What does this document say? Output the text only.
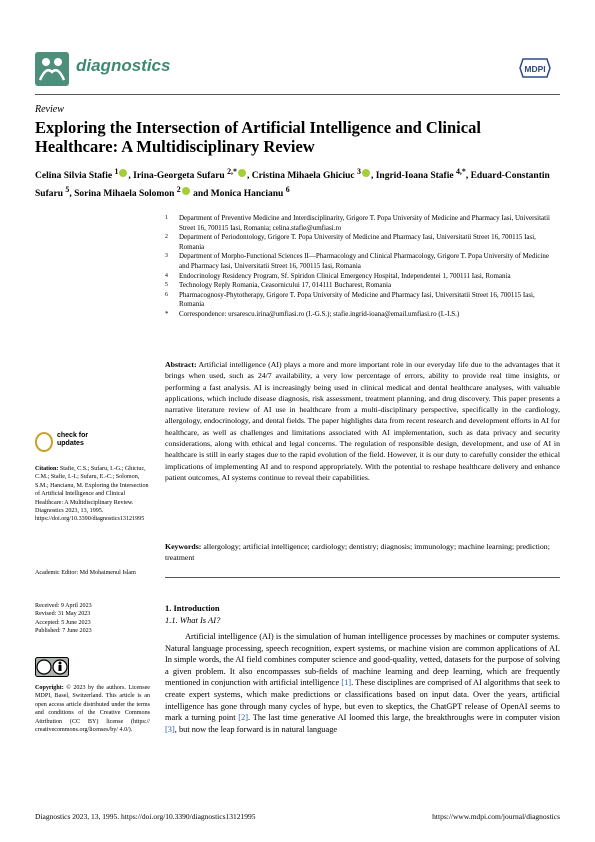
diagnostics	MDPI
Review
Exploring the Intersection of Artificial Intelligence and Clinical Healthcare: A Multidisciplinary Review
Celina Silvia Stafie $^1$ , Irina-Georgeta Sufaru $^{2,*}$ , Cristina Mihaela Ghiciuc $^3$ , Ingrid-Ioana Stafie $^{4,*}$, Eduard-Constantin Sufaru $^5$, Sorina Mihaela Solomon $^2$ and Monica Hancianu $^6$
1	Department of Preventive Medicine and Interdisciplinarity, Grigore T. Popa University of Medicine and Pharmacy Iasi, Universitatii Street 16, 700115 Iasi, Romania; celina.stafie@umfiasi.ro
2	Department of Periodontology, Grigore T. Popa University of Medicine and Pharmacy Iasi, Universitatii Street 16, 700115 Iasi, Romania
3	Department of Morpho-Functional Sciences II—Pharmacology and Clinical Pharmacology, Grigore T. Popa University of Medicine and Pharmacy Iasi, Universitatii Street 16, 700115 Iasi, Romania
4	Endocrinology Residency Program, Sf. Spiridon Clinical Emergency Hospital, Independentei 1, 700111 Iasi, Romania
5	Technology Reply Romania, Ceasornicului 17, 014111 Bucharest, Romania
6	Pharmacognosy-Phytotherapy, Grigore T. Popa University of Medicine and Pharmacy Iasi, Universitatii Street 16, 700115 Iasi, Romania
*	Correspondence: ursarescu.irina@umfiasi.ro (I.-G.S.); stafie.ingrid-ioana@email.umfiasi.ro (I.-I.S.)
Abstract: Artificial intelligence (AI) plays a more and more important role in our everyday life due to the advantages that it brings when used, such as 24/7 availability, a very low percentage of errors, ability to provide real time insights, or performing a fast analysis. AI is increasingly being used in clinical medical and dental healthcare analyses, with valuable applications, which include disease diagnosis, risk assessment, treatment planning, and drug discovery. This paper presents a narrative literature review of AI use in healthcare from a multi-disciplinary perspective, specifically in the cardiology, allergology, endocrinology, and dental fields. The paper highlights data from recent research and development efforts in AI for healthcare, as well as challenges and limitations associated with AI implementation, such as data privacy and security considerations, along with ethical and legal concerns. The regulation of responsible design, development, and use of AI in healthcare is still in early stages due to the rapid evolution of the field. However, it is our duty to carefully consider the ethical implications of implementing AI and to respond appropriately. With the potential to reshape healthcare delivery and enhance patient outcomes, AI systems continue to reveal their capabilities.
Keywords: allergology; artificial intelligence; cardiology; dentistry; diagnosis; immunology; machine learning; prediction; treatment
check for
updates
Citation: Stafie, C.S.; Sufaru, I.-G.; Ghiciuc, C.M.; Stafie, I.-I.; Sufaru, E.-C.; Solomon, S.M.; Hancianu, M. Exploring the Intersection of Artificial Intelligence and Clinical Healthcare: A Multidisciplinary Review. Diagnostics 2023, 13, 1995. https://doi.org/10.3390/diagnostics13121995
Academic Editor: Md Mohaimenul Islam
Received: 9 April 2023
Revised: 31 May 2023
Accepted: 5 June 2023
Published: 7 June 2023
Copyright: © 2023 by the authors. Licensee MDPI, Basel, Switzerland. This article is an open access article distributed under the terms and conditions of the Creative Commons Attribution (CC BY) license (https:// creativecommons.org/licenses/by/ 4.0/).
1. Introduction
1.1. What Is AI?
Artificial intelligence (AI) is the simulation of human intelligence processes by machines or computer systems. Natural language processing, speech recognition, expert systems, or machine vision are common applications of AI. In simple words, the AI field combines computer science and good-quality, vetted, datasets for the purpose of solving a given problem. It also encompasses sub-fields of machine learning and deep learning, which are frequently mentioned in conjunction with artificial intelligence [1]. These disciplines are comprised of AI algorithms that seek to create expert systems, which make predictions or classifications based on input data. Over the years, artificial intelligence has gone through many cycles of hype, but even to skeptics, the ChatGPT release of OpenAI seems to mark a turning point [2]. The last time generative AI loomed this large, the breakthroughs were in computer vision [3], but now the leap forward is in natural language
Diagnostics 2023, 13, 1995. https://doi.org/10.3390/diagnostics13121995	https://www.mdpi.com/journal/diagnostics
